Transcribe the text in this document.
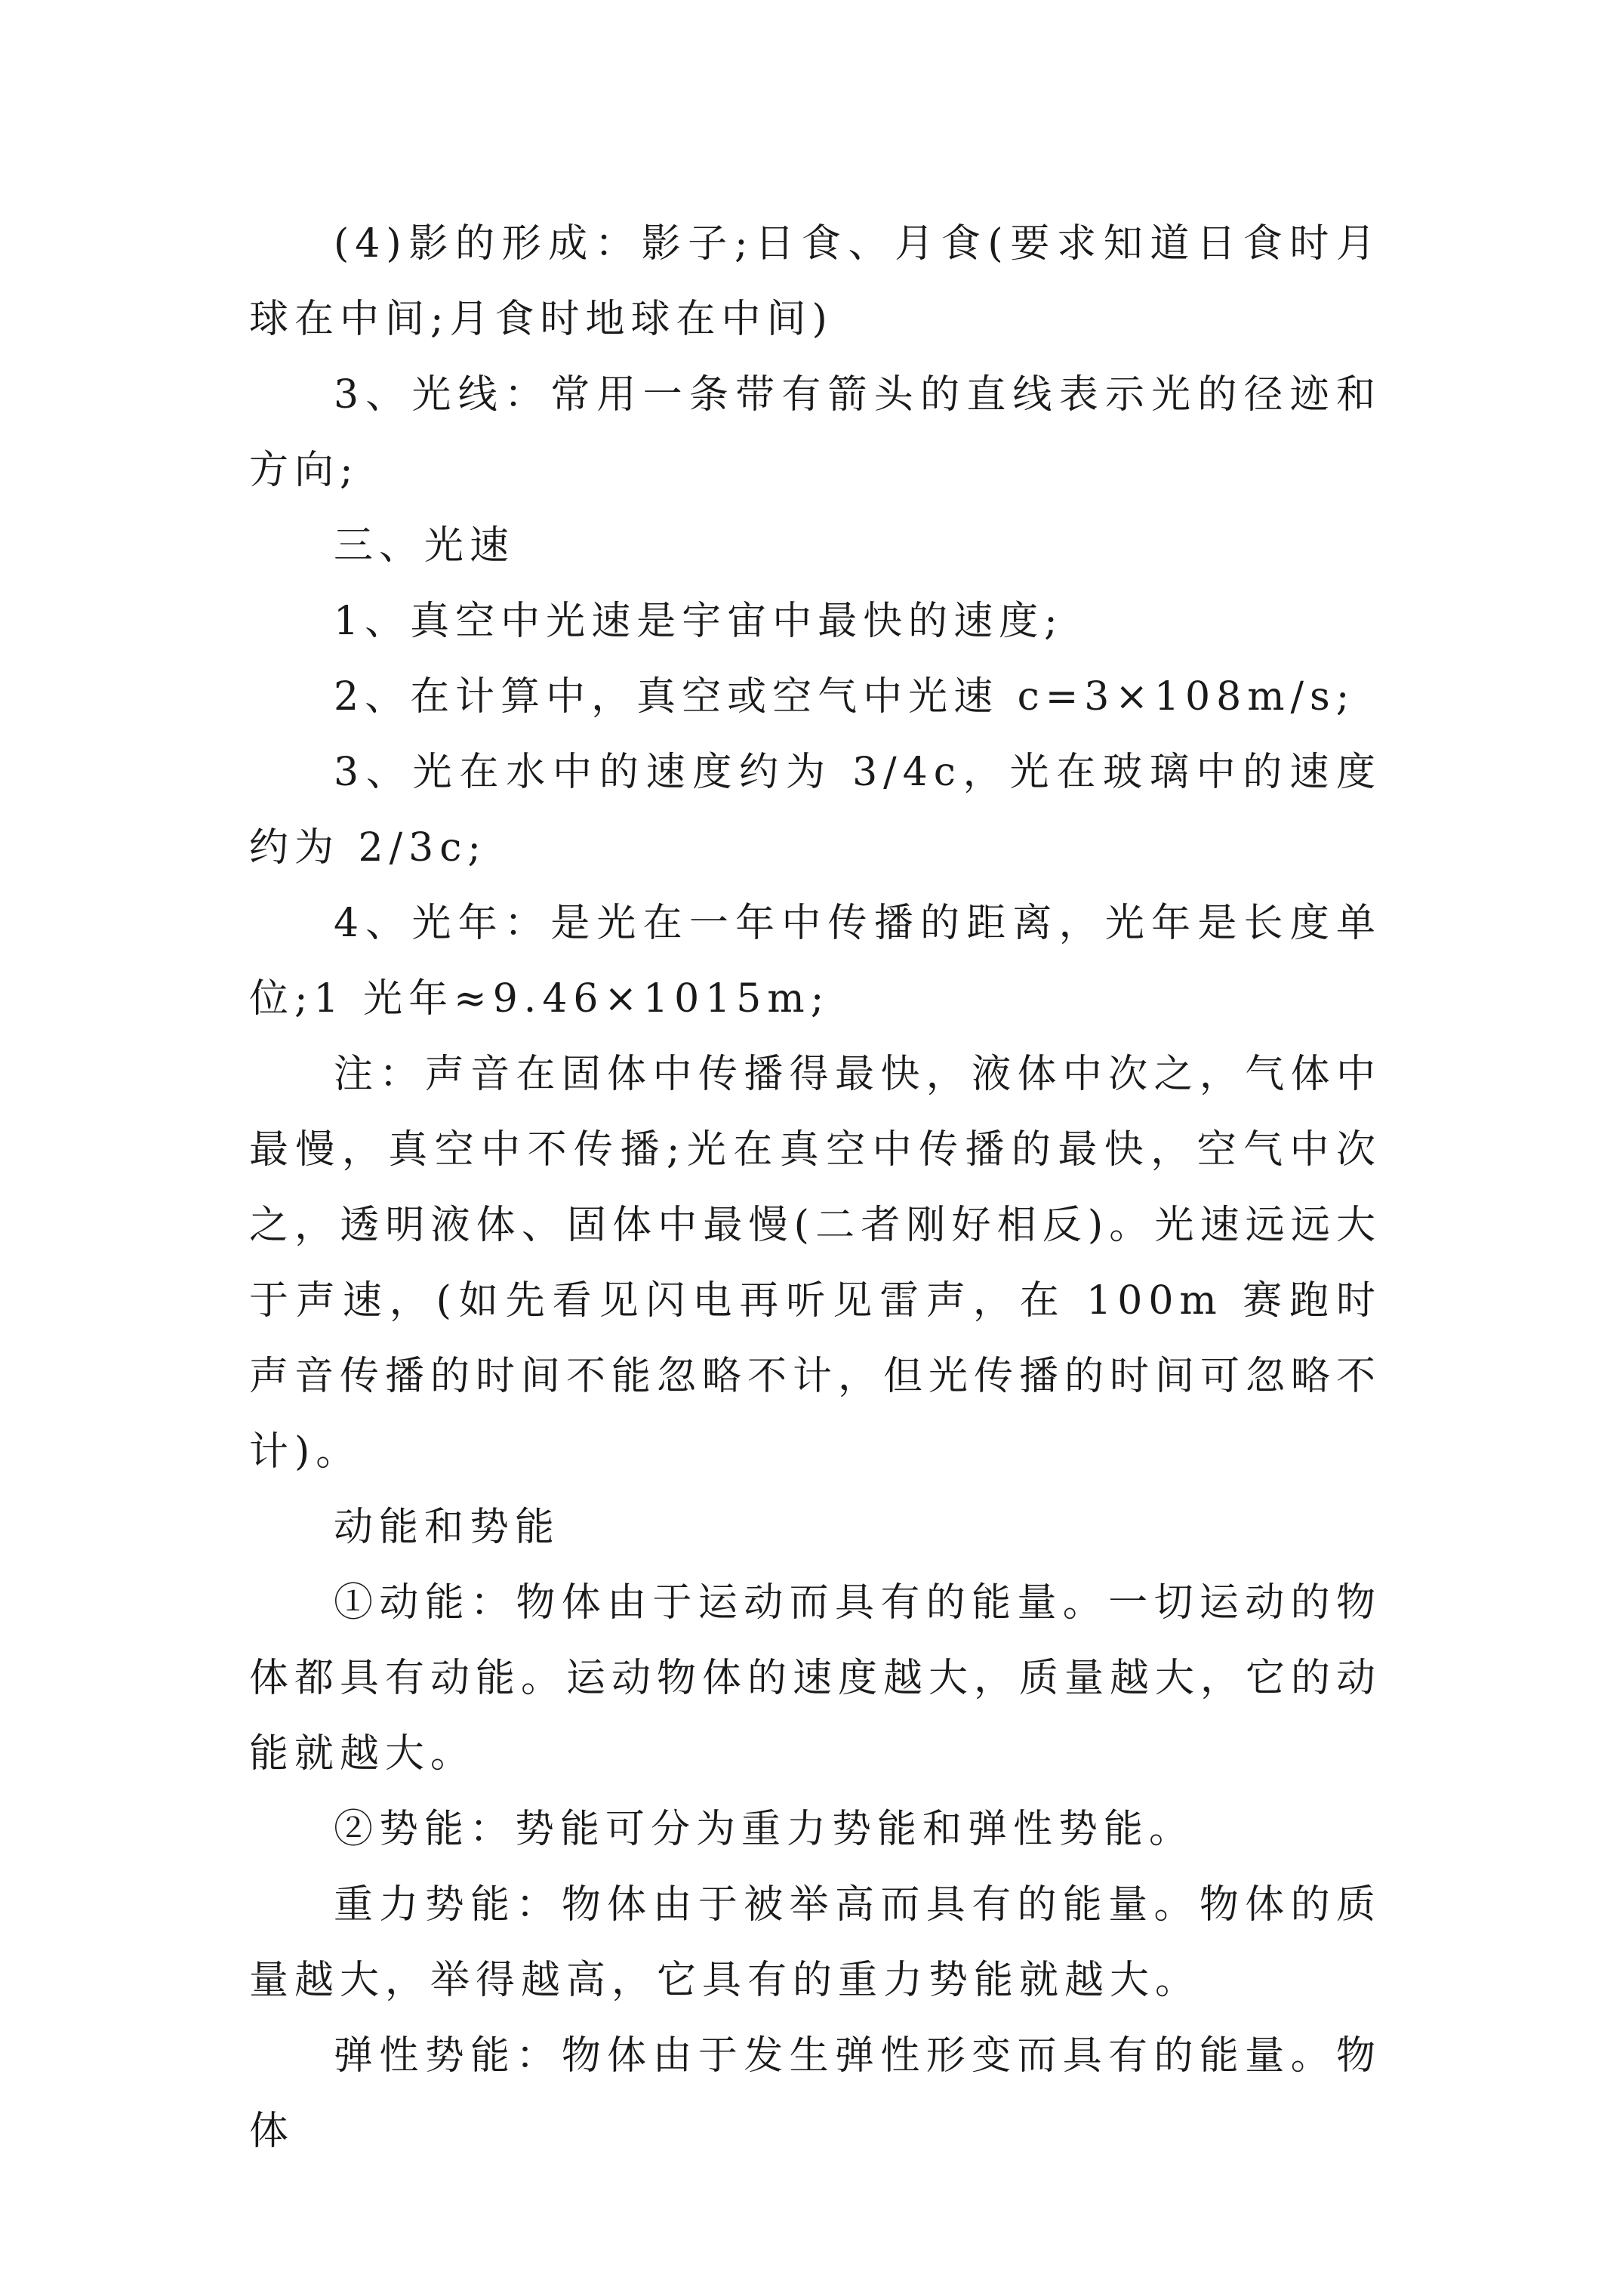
(4)影的形成：影子;日食、月食(要求知道日食时月球在中间;月食时地球在中间)

3、光线：常用一条带有箭头的直线表示光的径迹和方向;

三、光速

1、真空中光速是宇宙中最快的速度;

2、在计算中，真空或空气中光速 c=3×108m/s;

3、光在水中的速度约为 3/4c，光在玻璃中的速度约为 2/3c;

4、光年：是光在一年中传播的距离，光年是长度单位;1 光年≈9.46×1015m;

注：声音在固体中传播得最快，液体中次之，气体中最慢，真空中不传播;光在真空中传播的最快，空气中次之，透明液体、固体中最慢(二者刚好相反)。光速远远大于声速，(如先看见闪电再听见雷声，在 100m 赛跑时声音传播的时间不能忽略不计，但光传播的时间可忽略不计)。

动能和势能

①动能：物体由于运动而具有的能量。一切运动的物体都具有动能。运动物体的速度越大，质量越大，它的动能就越大。

②势能：势能可分为重力势能和弹性势能。

重力势能：物体由于被举高而具有的能量。物体的质量越大，举得越高，它具有的重力势能就越大。

弹性势能：物体由于发生弹性形变而具有的能量。物体
